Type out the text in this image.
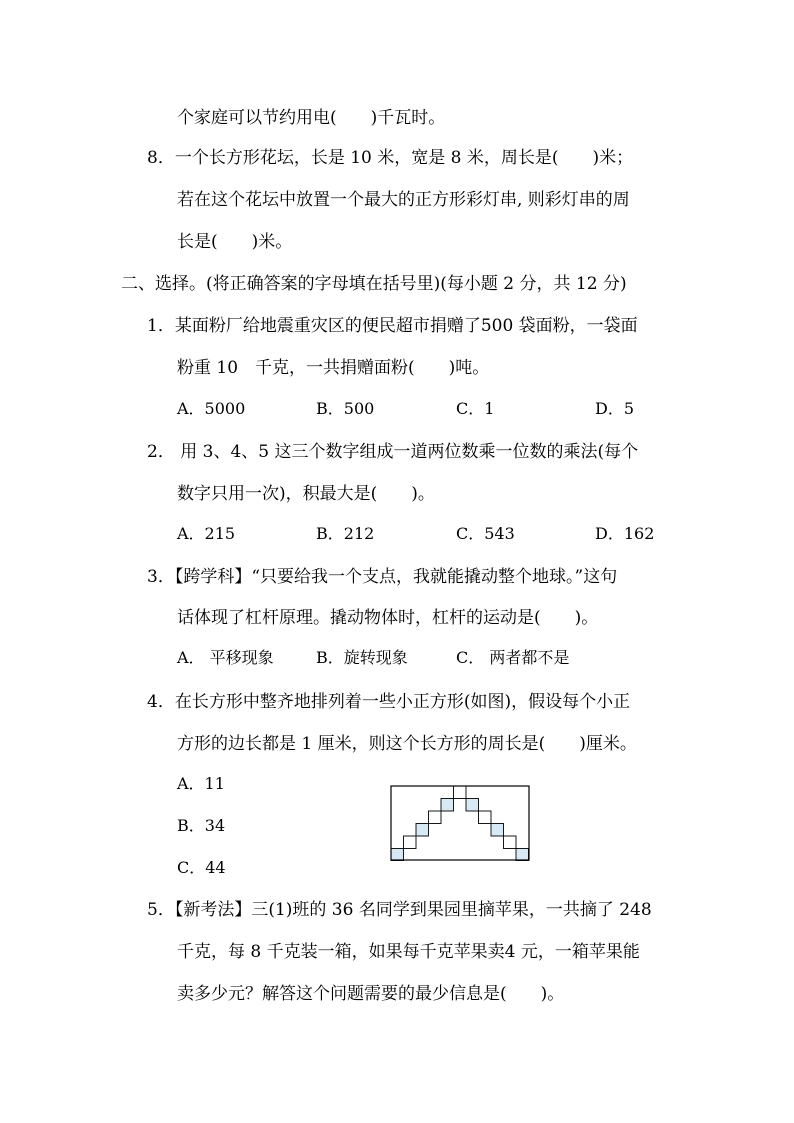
个家庭可以节约用电(　　)千瓦时。
8．一个长方形花坛，长是 10 米，宽是 8 米，周长是(　　)米；
若在这个花坛中放置一个最大的正方形彩灯串, 则彩灯串的周
长是(　　)米。
二、选择。(将正确答案的字母填在括号里)(每小题 2 分，共 12 分)
1．某面粉厂给地震重灾区的便民超市捐赠了500 袋面粉，一袋面
粉重 10　千克，一共捐赠面粉(　　)吨。
A．5000	B．500	C．1	D．5
2． 用 3、4、5 这三个数字组成一道两位数乘一位数的乘法(每个
数字只用一次)，积最大是(　　)。
A．215	B．212	C．543	D．162
3．【跨学科】“只要给我一个支点，我就能撬动整个地球。”这句
话体现了杠杆原理。撬动物体时，杠杆的运动是(　　)。
A． 平移现象	B．旋转现象	C． 两者都不是
4．在长方形中整齐地排列着一些小正方形(如图)，假设每个小正
方形的边长都是 1 厘米，则这个长方形的周长是(　　)厘米。
A．11
B．34
C．44
5．【新考法】三(1)班的 36 名同学到果园里摘苹果，一共摘了 248
千克，每 8 千克装一箱，如果每千克苹果卖4 元，一箱苹果能
卖多少元？解答这个问题需要的最少信息是(　　)。
